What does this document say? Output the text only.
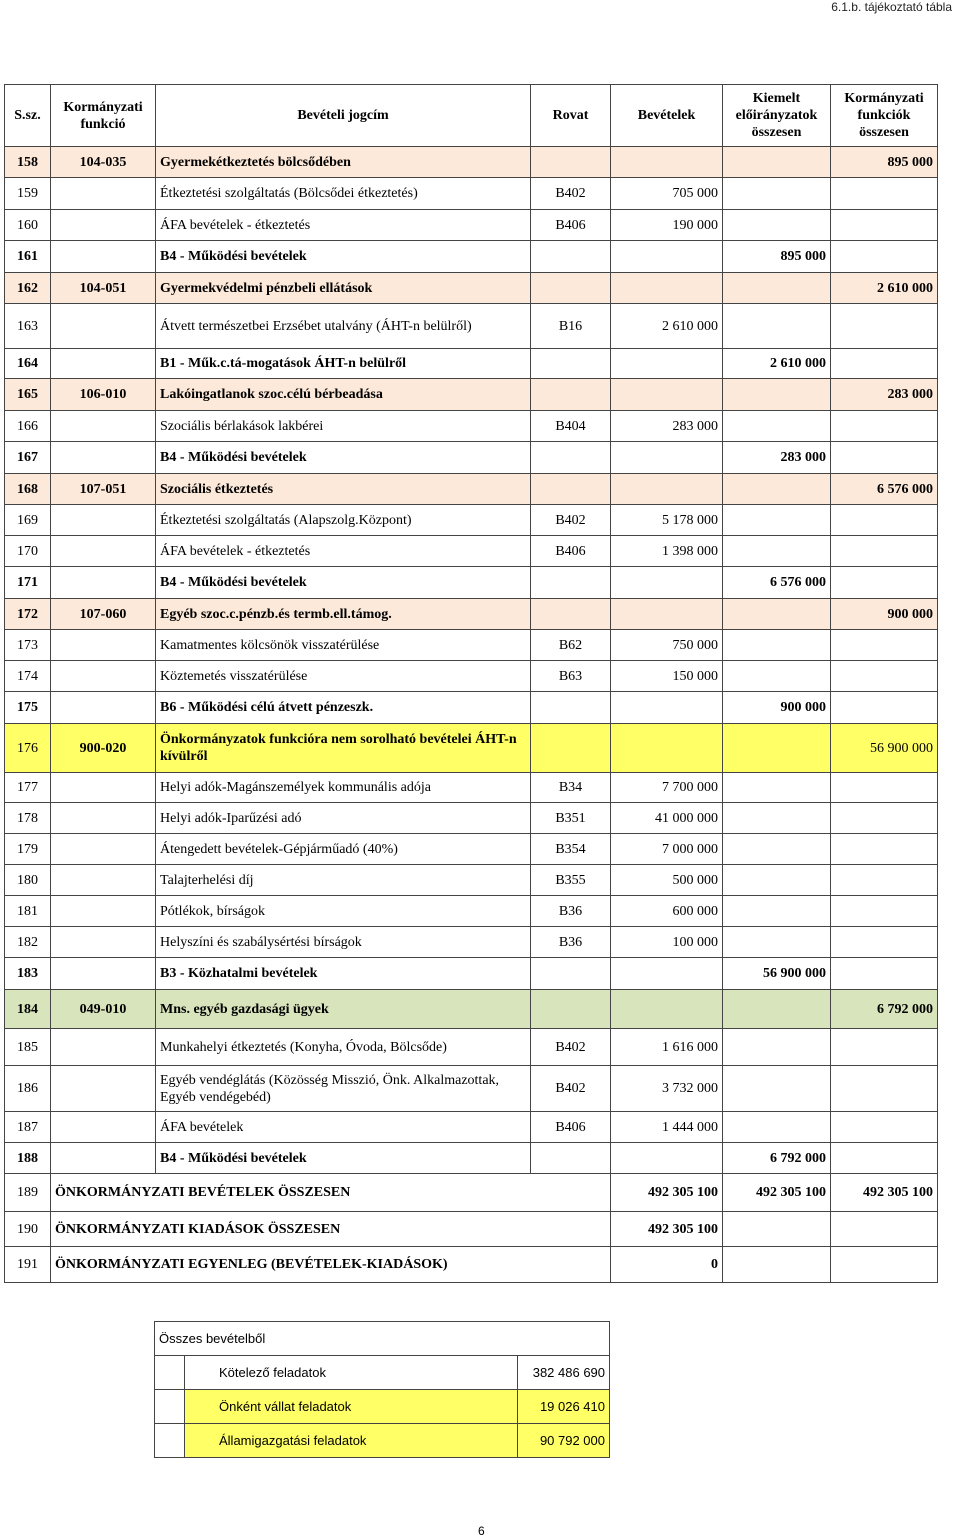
6.1.b. tájékoztató tábla
S.sz.	Kormányzati funkció	Bevételi jogcím	Rovat	Bevételek	Kiemelt előirányzatok összesen	Kormányzati funkciók összesen
158	104-035	Gyermekétkeztetés bölcsődében				895 000
159		Étkeztetési szolgáltatás (Bölcsődei étkeztetés)	B402	705 000		
160		ÁFA bevételek - étkeztetés	B406	190 000		
161		B4 - Működési bevételek			895 000	
162	104-051	Gyermekvédelmi pénzbeli ellátások				2 610 000
163		Átvett természetbei Erzsébet utalvány (ÁHT-n belülről)	B16	2 610 000		
164		B1 - Műk.c.tá-mogatások ÁHT-n belülről			2 610 000	
165	106-010	Lakóingatlanok szoc.célú bérbeadása				283 000
166		Szociális bérlakások lakbérei	B404	283 000		
167		B4 - Működési bevételek			283 000	
168	107-051	Szociális étkeztetés				6 576 000
169		Étkeztetési szolgáltatás (Alapszolg.Központ)	B402	5 178 000		
170		ÁFA bevételek - étkeztetés	B406	1 398 000		
171		B4 - Működési bevételek			6 576 000	
172	107-060	Egyéb szoc.c.pénzb.és termb.ell.támog.				900 000
173		Kamatmentes kölcsönök visszatérülése	B62	750 000		
174		Köztemetés visszatérülése	B63	150 000		
175		B6 - Működési célú átvett pénzeszk.			900 000	
176	900-020	Önkormányzatok funkcióra nem sorolható bevételei ÁHT-n kívülről				56 900 000
177		Helyi adók-Magánszemélyek kommunális adója	B34	7 700 000		
178		Helyi adók-Iparűzési adó	B351	41 000 000		
179		Átengedett bevételek-Gépjárműadó (40%)	B354	7 000 000		
180		Talajterhelési díj	B355	500 000		
181		Pótlékok, bírságok	B36	600 000		
182		Helyszíni és szabálysértési bírságok	B36	100 000		
183		B3 - Közhatalmi bevételek			56 900 000	
184	049-010	Mns. egyéb gazdasági ügyek				6 792 000
185		Munkahelyi étkeztetés (Konyha, Óvoda, Bölcsőde)	B402	1 616 000		
186		Egyéb vendéglátás (Közösség Misszió, Önk. Alkalmazottak, Egyéb vendégebéd)	B402	3 732 000		
187		ÁFA bevételek	B406	1 444 000		
188		B4 - Működési bevételek			6 792 000	
189	ÖNKORMÁNYZATI BEVÉTELEK ÖSSZESEN			492 305 100	492 305 100	492 305 100
190	ÖNKORMÁNYZATI KIADÁSOK ÖSSZESEN			492 305 100		
191	ÖNKORMÁNYZATI EGYENLEG (BEVÉTELEK-KIADÁSOK)			0		
Összes bevételből		
	Kötelező feladatok	382 486 690
	Önként vállat feladatok	19 026 410
	Államigazgatási feladatok	90 792 000
6
